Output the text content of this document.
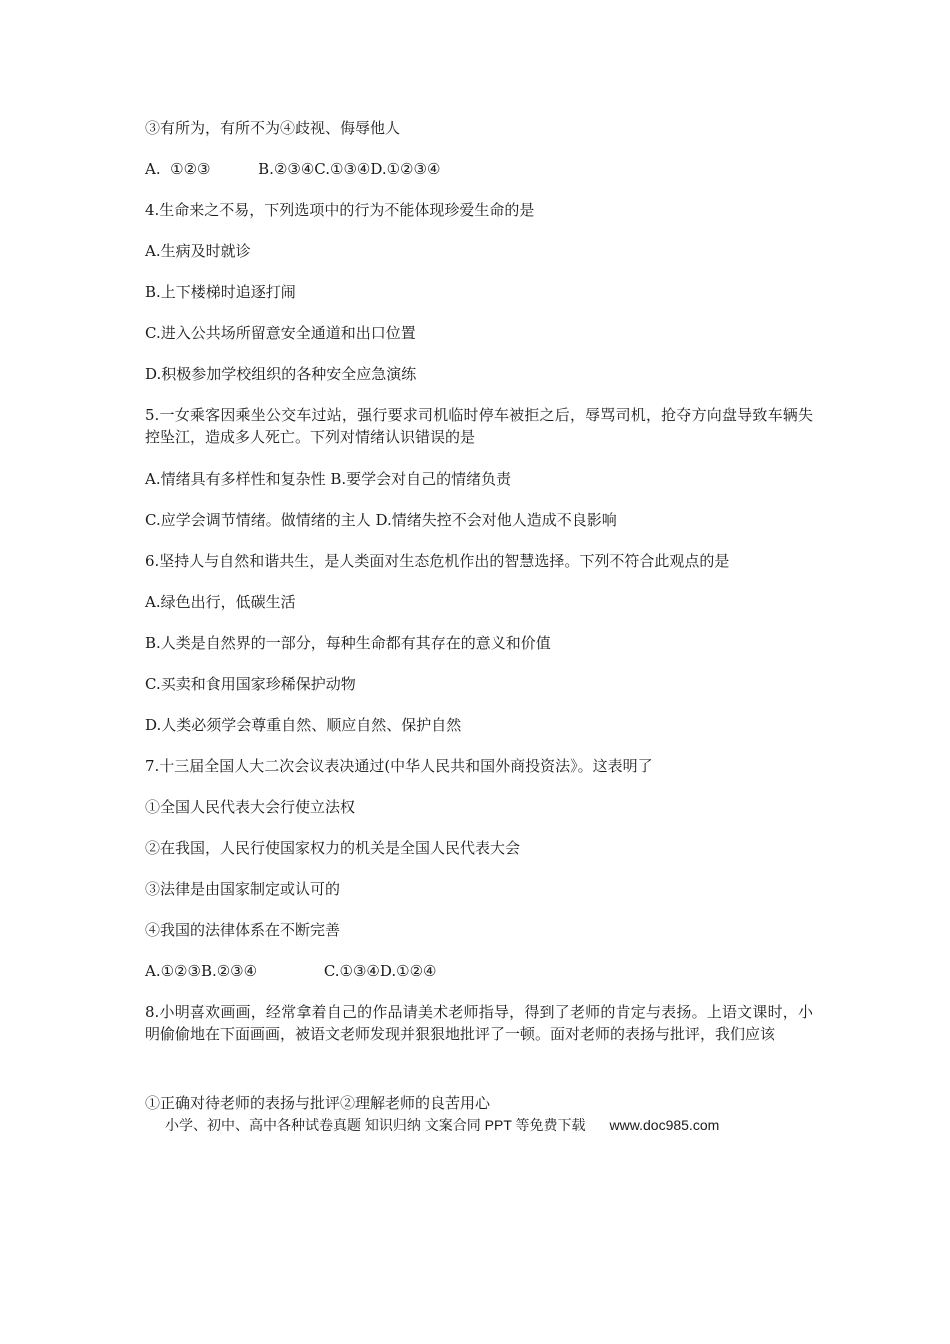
③有所为，有所不为④歧视、侮辱他人
A.  ①②③          B.②③④C.①③④D.①②③④
4.生命来之不易，下列选项中的行为不能体现珍爱生命的是
A.生病及时就诊
B.上下楼梯时追逐打闹
C.进入公共场所留意安全通道和出口位置
D.积极参加学校组织的各种安全应急演练
5.一女乘客因乘坐公交车过站，强行要求司机临时停车被拒之后，辱骂司机，抢夺方向盘导致车辆失控坠江，造成多人死亡。下列对情绪认识错误的是
A.情绪具有多样性和复杂性 B.要学会对自己的情绪负责
C.应学会调节情绪。做情绪的主人 D.情绪失控不会对他人造成不良影响
6.坚持人与自然和谐共生，是人类面对生态危机作出的智慧选择。下列不符合此观点的是
A.绿色出行，低碳生活
B.人类是自然界的一部分，每种生命都有其存在的意义和价值
C.买卖和食用国家珍稀保护动物
D.人类必须学会尊重自然、顺应自然、保护自然
7.十三届全国人大二次会议表决通过(中华人民共和国外商投资法》。这表明了
①全国人民代表大会行使立法权
②在我国，人民行使国家权力的机关是全国人民代表大会
③法律是由国家制定或认可的
④我国的法律体系在不断完善
A.①②③B.②③④              C.①③④D.①②④
8.小明喜欢画画，经常拿着自己的作品请美术老师指导，得到了老师的肯定与表扬。上语文课时，小明偷偷地在下面画画，被语文老师发现并狠狠地批评了一顿。面对老师的表扬与批评，我们应该
①正确对待老师的表扬与批评②理解老师的良苦用心
小学、初中、高中各种试卷真题 知识归纳 文案合同 PPT 等免费下载 www.doc985.com
